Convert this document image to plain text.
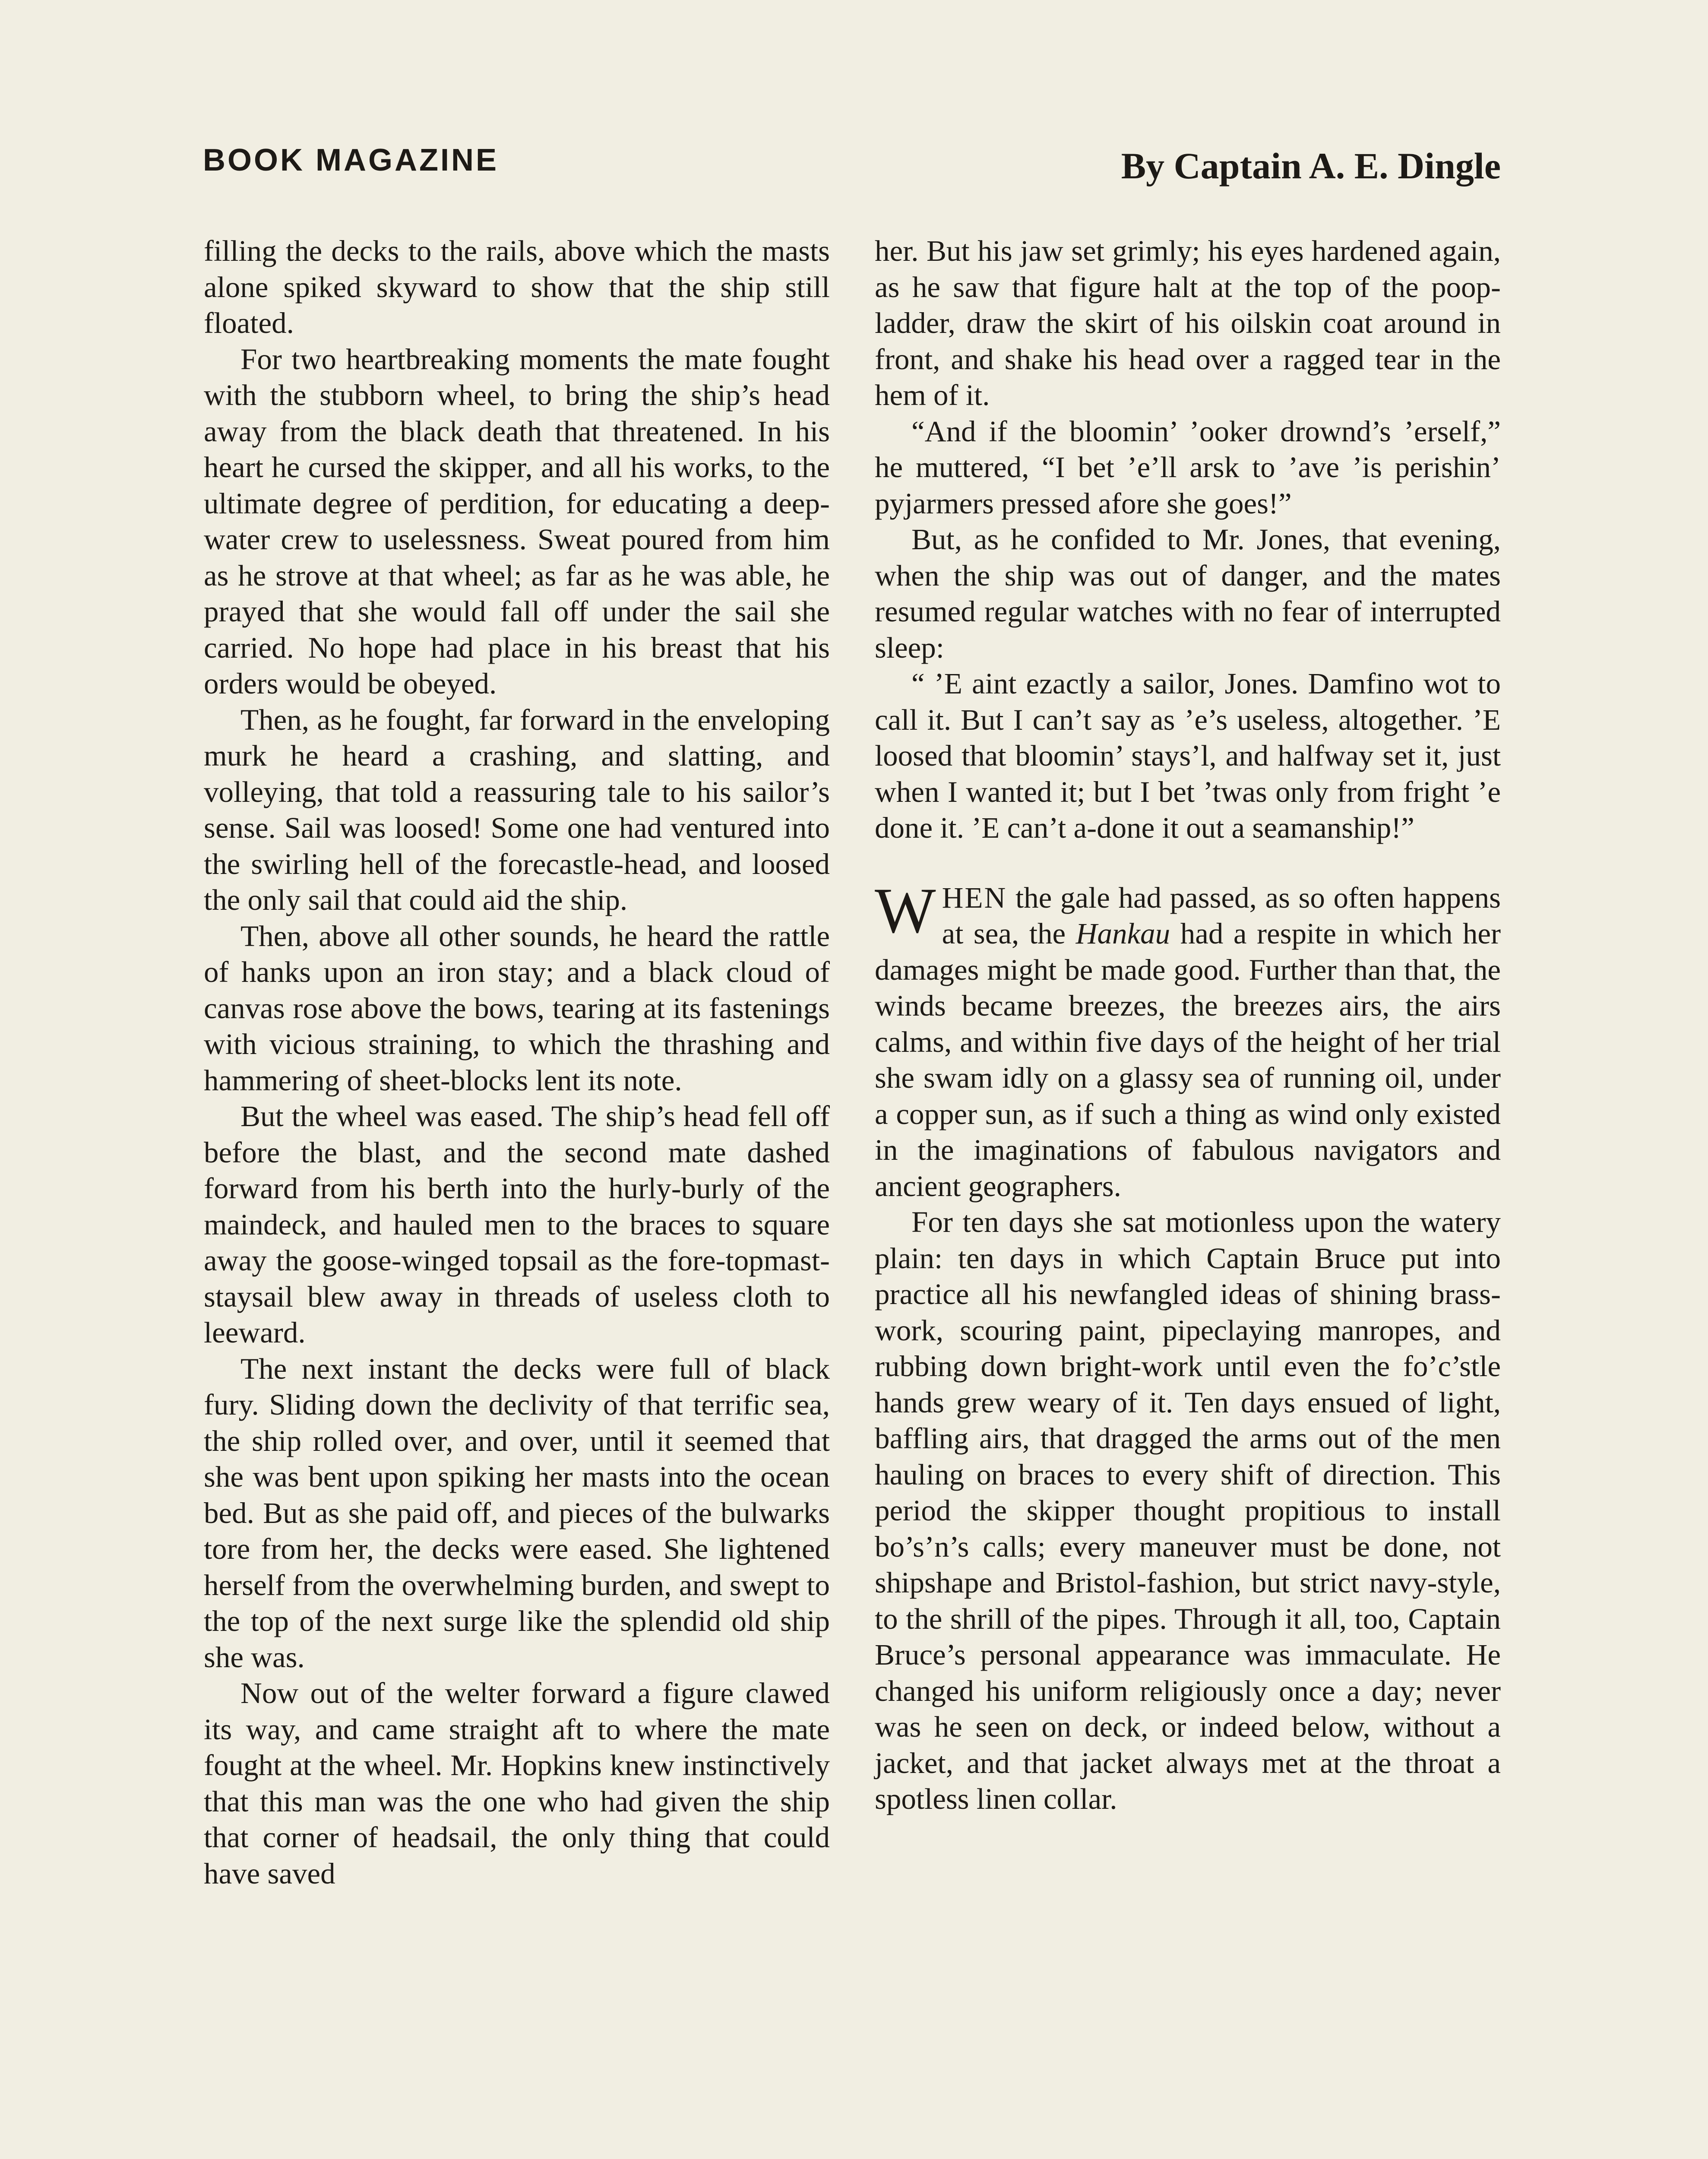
BOOK MAGAZINE	By Captain A. E. Dingle

filling the decks to the rails, above which the masts alone spiked skyward to show that the ship still floated.

For two heartbreaking moments the mate fought with the stubborn wheel, to bring the ship’s head away from the black death that threatened. In his heart he cursed the skipper, and all his works, to the ultimate degree of perdition, for educating a deep-water crew to uselessness. Sweat poured from him as he strove at that wheel; as far as he was able, he prayed that she would fall off under the sail she carried. No hope had place in his breast that his orders would be obeyed.

Then, as he fought, far forward in the enveloping murk he heard a crashing, and slatting, and volleying, that told a reassuring tale to his sailor’s sense. Sail was loosed! Some one had ventured into the swirling hell of the forecastle-head, and loosed the only sail that could aid the ship.

Then, above all other sounds, he heard the rattle of hanks upon an iron stay; and a black cloud of canvas rose above the bows, tearing at its fastenings with vicious straining, to which the thrashing and hammering of sheet-blocks lent its note.

But the wheel was eased. The ship’s head fell off before the blast, and the second mate dashed forward from his berth into the hurly-burly of the maindeck, and hauled men to the braces to square away the goose-winged topsail as the fore-topmast-staysail blew away in threads of useless cloth to leeward.

The next instant the decks were full of black fury. Sliding down the declivity of that terrific sea, the ship rolled over, and over, until it seemed that she was bent upon spiking her masts into the ocean bed. But as she paid off, and pieces of the bulwarks tore from her, the decks were eased. She lightened herself from the overwhelming burden, and swept to the top of the next surge like the splendid old ship she was.

Now out of the welter forward a figure clawed its way, and came straight aft to where the mate fought at the wheel. Mr. Hopkins knew instinctively that this man was the one who had given the ship that corner of headsail, the only thing that could have saved

her. But his jaw set grimly; his eyes hardened again, as he saw that figure halt at the top of the poop-ladder, draw the skirt of his oilskin coat around in front, and shake his head over a ragged tear in the hem of it.

“And if the bloomin’ ’ooker drownd’s ’erself,” he muttered, “I bet ’e’ll arsk to ’ave ’is perishin’ pyjarmers pressed afore she goes!”

But, as he confided to Mr. Jones, that evening, when the ship was out of danger, and the mates resumed regular watches with no fear of interrupted sleep:

“ ’E aint ezactly a sailor, Jones. Damfino wot to call it. But I can’t say as ’e’s useless, altogether. ’E loosed that bloomin’ stays’l, and halfway set it, just when I wanted it; but I bet ’twas only from fright ’e done it. ’E can’t a-done it out a seamanship!”

WHEN the gale had passed, as so often happens at sea, the Hankau had a respite in which her damages might be made good. Further than that, the winds became breezes, the breezes airs, the airs calms, and within five days of the height of her trial she swam idly on a glassy sea of running oil, under a copper sun, as if such a thing as wind only existed in the imaginations of fabulous navigators and ancient geographers.

For ten days she sat motionless upon the watery plain: ten days in which Captain Bruce put into practice all his newfangled ideas of shining brass-work, scouring paint, pipeclaying manropes, and rubbing down bright-work until even the fo’c’stle hands grew weary of it. Ten days ensued of light, baffling airs, that dragged the arms out of the men hauling on braces to every shift of direction. This period the skipper thought propitious to install bo’s’n’s calls; every maneuver must be done, not shipshape and Bristol-fashion, but strict navy-style, to the shrill of the pipes. Through it all, too, Captain Bruce’s personal appearance was immaculate. He changed his uniform religiously once a day; never was he seen on deck, or indeed below, without a jacket, and that jacket always met at the throat a spotless linen collar.
